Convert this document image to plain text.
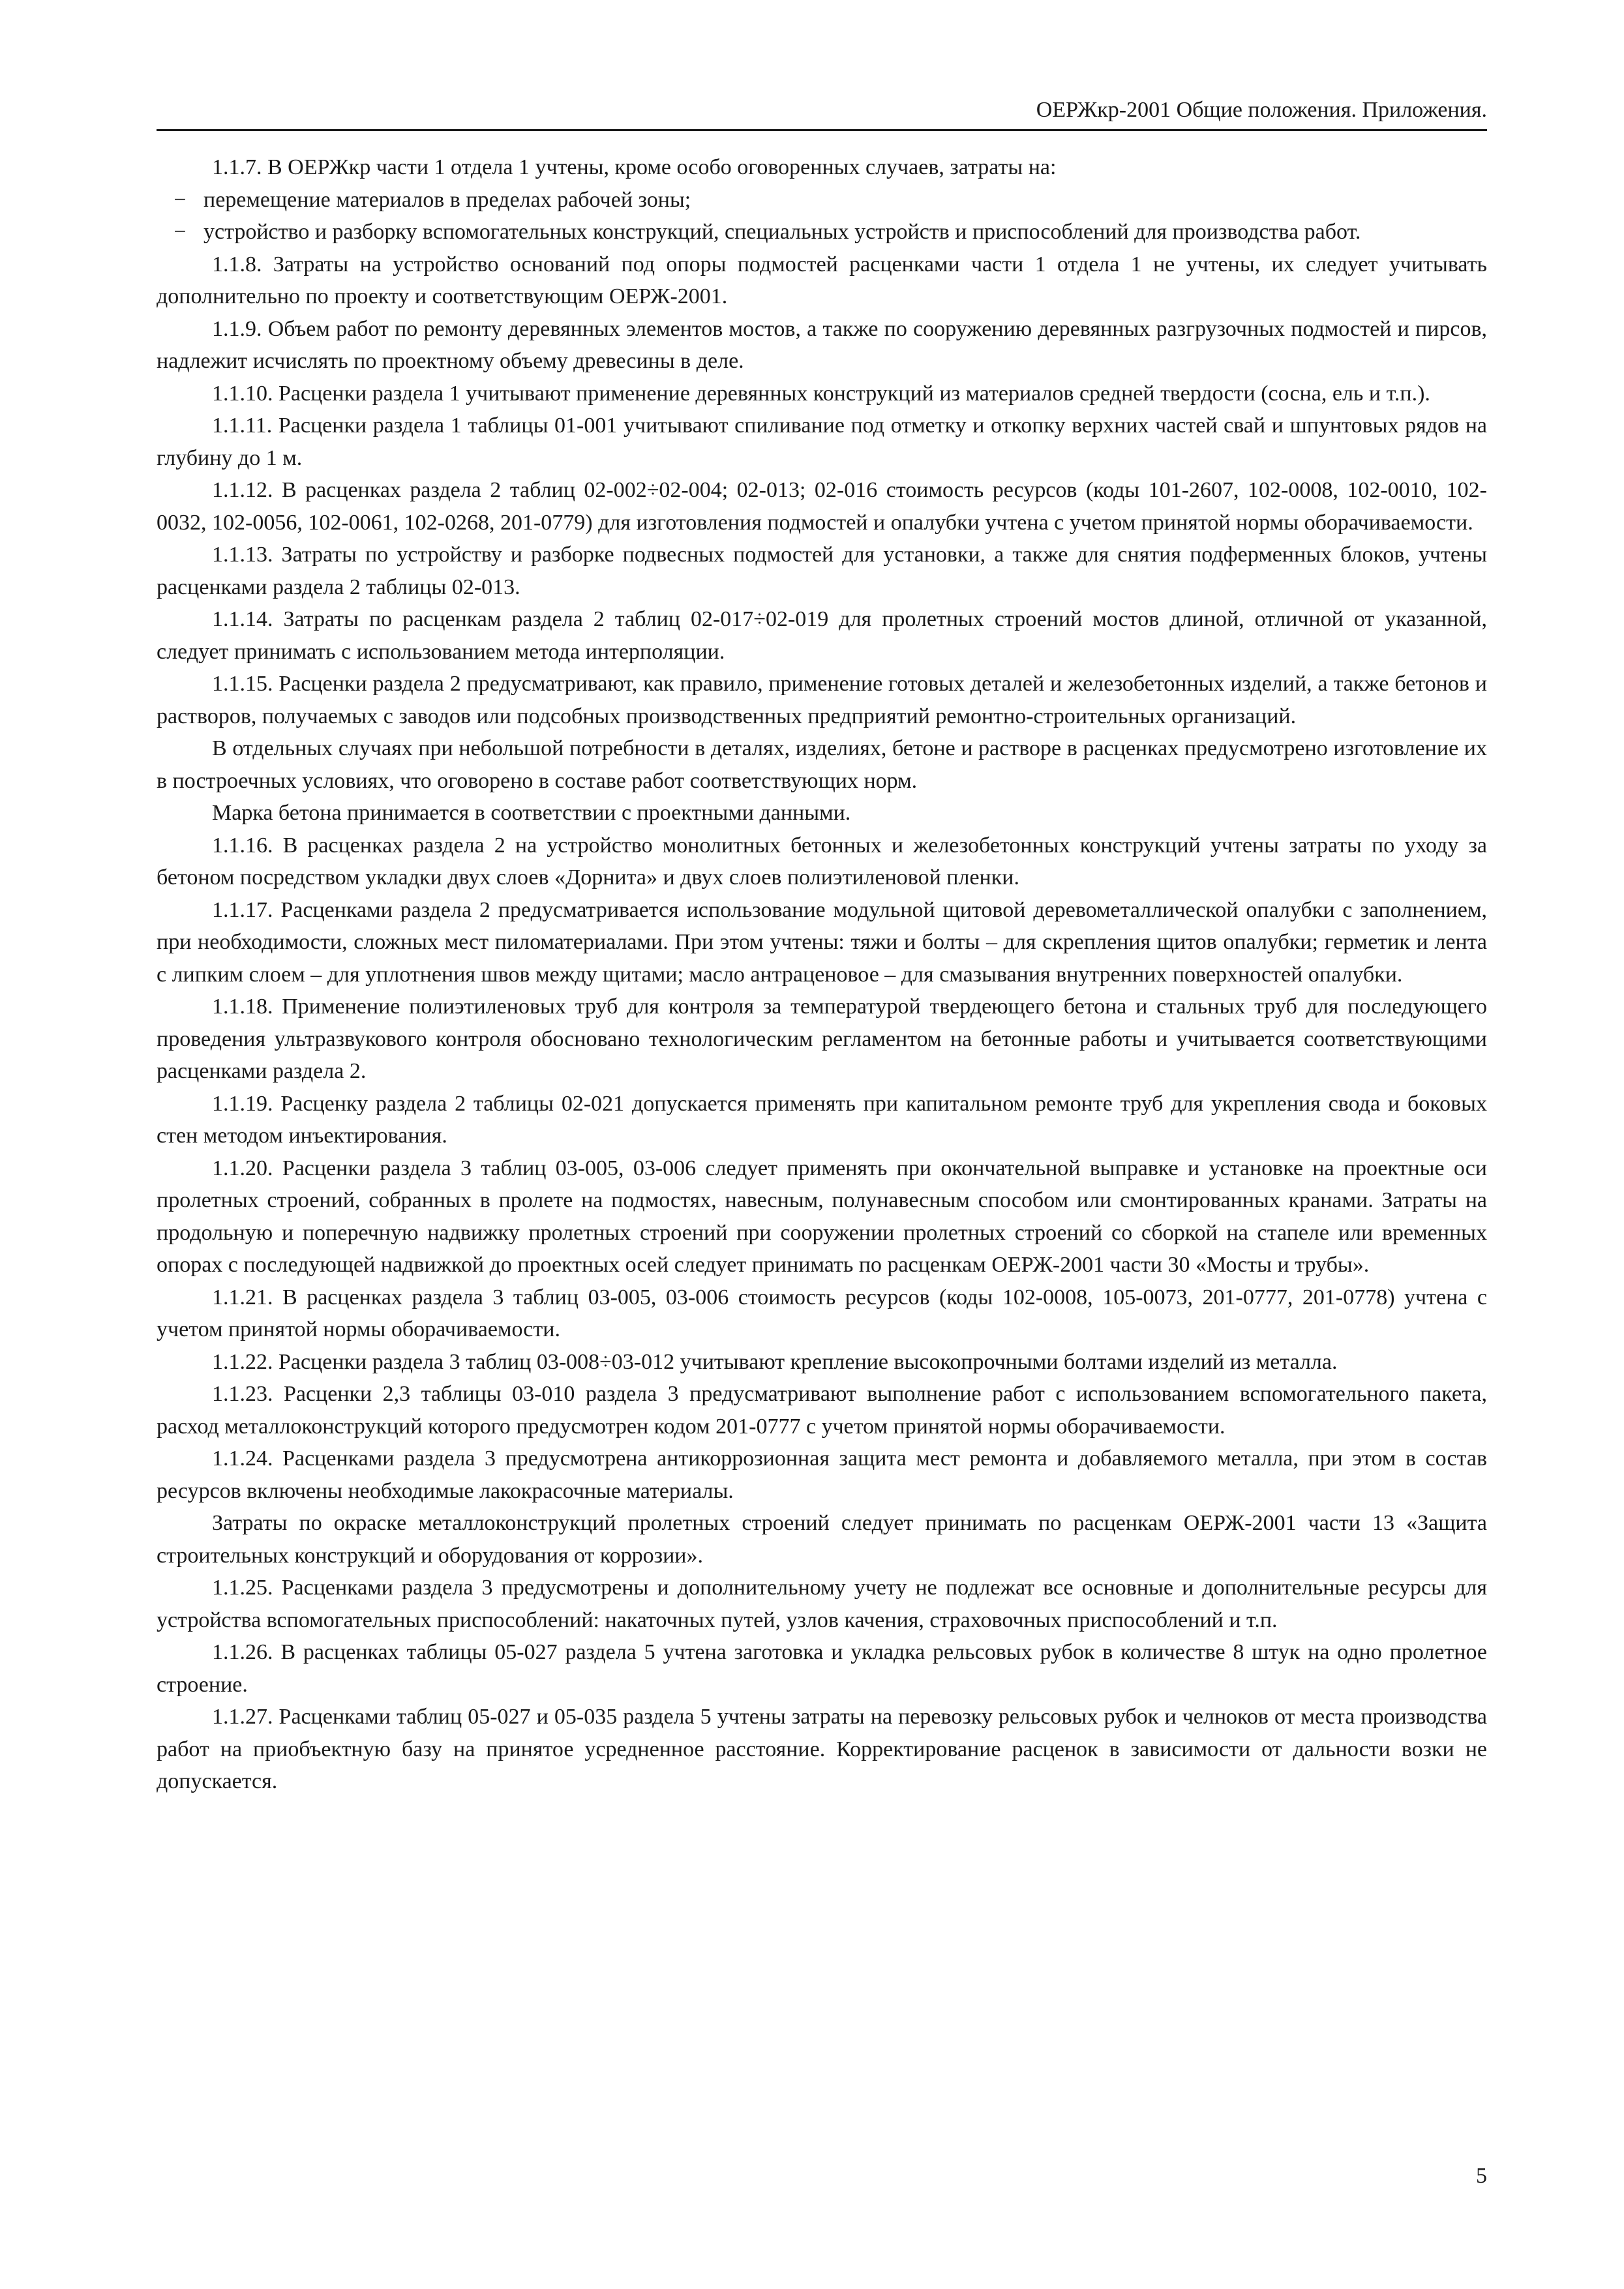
ОЕРЖкр-2001 Общие положения. Приложения.

1.1.7. В ОЕРЖкр части 1 отдела 1 учтены, кроме особо оговоренных случаев, затраты на:

− перемещение материалов в пределах рабочей зоны;

− устройство и разборку вспомогательных конструкций, специальных устройств и приспособлений для производства работ.

1.1.8. Затраты на устройство оснований под опоры подмостей расценками части 1 отдела 1 не учтены, их следует учитывать дополнительно по проекту и соответствующим ОЕРЖ-2001.

1.1.9. Объем работ по ремонту деревянных элементов мостов, а также по сооружению деревянных разгрузочных подмостей и пирсов, надлежит исчислять по проектному объему древесины в деле.

1.1.10. Расценки раздела 1 учитывают применение деревянных конструкций из материалов средней твердости (сосна, ель и т.п.).

1.1.11. Расценки раздела 1 таблицы 01-001 учитывают спиливание под отметку и откопку верхних частей свай и шпунтовых рядов на глубину до 1 м.

1.1.12. В расценках раздела 2 таблиц 02-002÷02-004; 02-013; 02-016 стоимость ресурсов (коды 101-2607, 102-0008, 102-0010, 102-0032, 102-0056, 102-0061, 102-0268, 201-0779) для изготовления подмостей и опалубки учтена с учетом принятой нормы оборачиваемости.

1.1.13. Затраты по устройству и разборке подвесных подмостей для установки, а также для снятия подферменных блоков, учтены расценками раздела 2 таблицы 02-013.

1.1.14. Затраты по расценкам раздела 2 таблиц 02-017÷02-019 для пролетных строений мостов длиной, отличной от указанной, следует принимать с использованием метода интерполяции.

1.1.15. Расценки раздела 2 предусматривают, как правило, применение готовых деталей и железобетонных изделий, а также бетонов и растворов, получаемых с заводов или подсобных производственных предприятий ремонтно-строительных организаций.

В отдельных случаях при небольшой потребности в деталях, изделиях, бетоне и растворе в расценках предусмотрено изготовление их в построечных условиях, что оговорено в составе работ соответствующих норм.

Марка бетона принимается в соответствии с проектными данными.

1.1.16. В расценках раздела 2 на устройство монолитных бетонных и железобетонных конструкций учтены затраты по уходу за бетоном посредством укладки двух слоев «Дорнита» и двух слоев полиэтиленовой пленки.

1.1.17. Расценками раздела 2 предусматривается использование модульной щитовой деревометаллической опалубки с заполнением, при необходимости, сложных мест пиломатериалами. При этом учтены: тяжи и болты – для скрепления щитов опалубки; герметик и лента с липким слоем – для уплотнения швов между щитами; масло антраценовое – для смазывания внутренних поверхностей опалубки.

1.1.18. Применение полиэтиленовых труб для контроля за температурой твердеющего бетона и стальных труб для последующего проведения ультразвукового контроля обосновано технологическим регламентом на бетонные работы и учитывается соответствующими расценками раздела 2.

1.1.19. Расценку раздела 2 таблицы 02-021 допускается применять при капитальном ремонте труб для укрепления свода и боковых стен методом инъектирования.

1.1.20. Расценки раздела 3 таблиц 03-005, 03-006 следует применять при окончательной выправке и установке на проектные оси пролетных строений, собранных в пролете на подмостях, навесным, полунавесным способом или смонтированных кранами. Затраты на продольную и поперечную надвижку пролетных строений при сооружении пролетных строений со сборкой на стапеле или временных опорах с последующей надвижкой до проектных осей следует принимать по расценкам ОЕРЖ-2001 части 30 «Мосты и трубы».

1.1.21. В расценках раздела 3 таблиц 03-005, 03-006 стоимость ресурсов (коды 102-0008, 105-0073, 201-0777, 201-0778) учтена с учетом принятой нормы оборачиваемости.

1.1.22. Расценки раздела 3 таблиц 03-008÷03-012 учитывают крепление высокопрочными болтами изделий из металла.

1.1.23. Расценки 2,3 таблицы 03-010 раздела 3 предусматривают выполнение работ с использованием вспомогательного пакета, расход металлоконструкций которого предусмотрен кодом 201-0777 с учетом принятой нормы оборачиваемости.

1.1.24. Расценками раздела 3 предусмотрена антикоррозионная защита мест ремонта и добавляемого металла, при этом в состав ресурсов включены необходимые лакокрасочные материалы.

Затраты по окраске металлоконструкций пролетных строений следует принимать по расценкам ОЕРЖ-2001 части 13 «Защита строительных конструкций и оборудования от коррозии».

1.1.25. Расценками раздела 3 предусмотрены и дополнительному учету не подлежат все основные и дополнительные ресурсы для устройства вспомогательных приспособлений: накаточных путей, узлов качения, страховочных приспособлений и т.п.

1.1.26. В расценках таблицы 05-027 раздела 5 учтена заготовка и укладка рельсовых рубок в количестве 8 штук на одно пролетное строение.

1.1.27. Расценками таблиц 05-027 и 05-035 раздела 5 учтены затраты на перевозку рельсовых рубок и челноков от места производства работ на приобъектную базу на принятое усредненное расстояние. Корректирование расценок в зависимости от дальности возки не допускается.

5
